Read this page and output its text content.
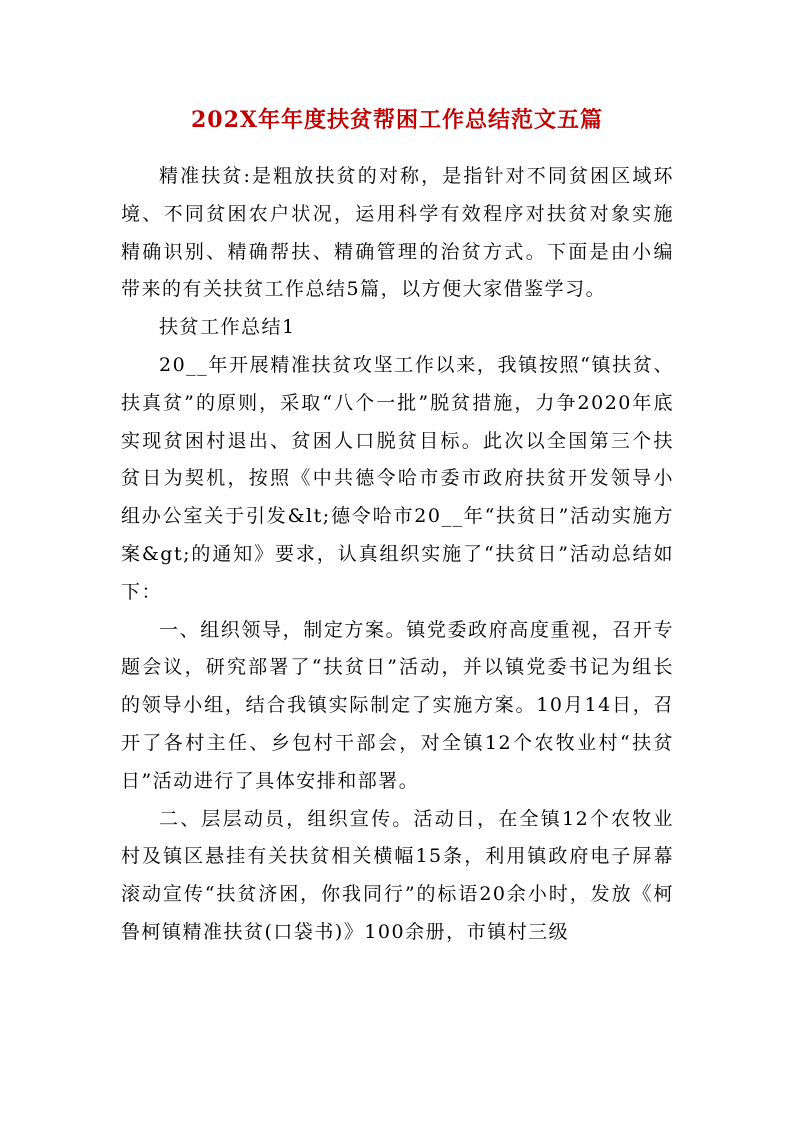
202X年年度扶贫帮困工作总结范文五篇

精准扶贫:是粗放扶贫的对称，是指针对不同贫困区域环境、不同贫困农户状况，运用科学有效程序对扶贫对象实施精确识别、精确帮扶、精确管理的治贫方式。下面是由小编带来的有关扶贫工作总结5篇，以方便大家借鉴学习。

扶贫工作总结1

20__年开展精准扶贫攻坚工作以来，我镇按照“镇扶贫、扶真贫”的原则，采取“八个一批”脱贫措施，力争2020年底实现贫困村退出、贫困人口脱贫目标。此次以全国第三个扶贫日为契机，按照《中共德令哈市委市政府扶贫开发领导小组办公室关于引发&lt;德令哈市20__年“扶贫日”活动实施方案&gt;的通知》要求，认真组织实施了“扶贫日”活动总结如下：

一、组织领导，制定方案。镇党委政府高度重视，召开专题会议，研究部署了“扶贫日”活动，并以镇党委书记为组长的领导小组，结合我镇实际制定了实施方案。10月14日，召开了各村主任、乡包村干部会，对全镇12个农牧业村“扶贫日”活动进行了具体安排和部署。

二、层层动员，组织宣传。活动日，在全镇12个农牧业村及镇区悬挂有关扶贫相关横幅15条，利用镇政府电子屏幕滚动宣传“扶贫济困，你我同行”的标语20余小时，发放《柯鲁柯镇精准扶贫(口袋书)》100余册，市镇村三级
